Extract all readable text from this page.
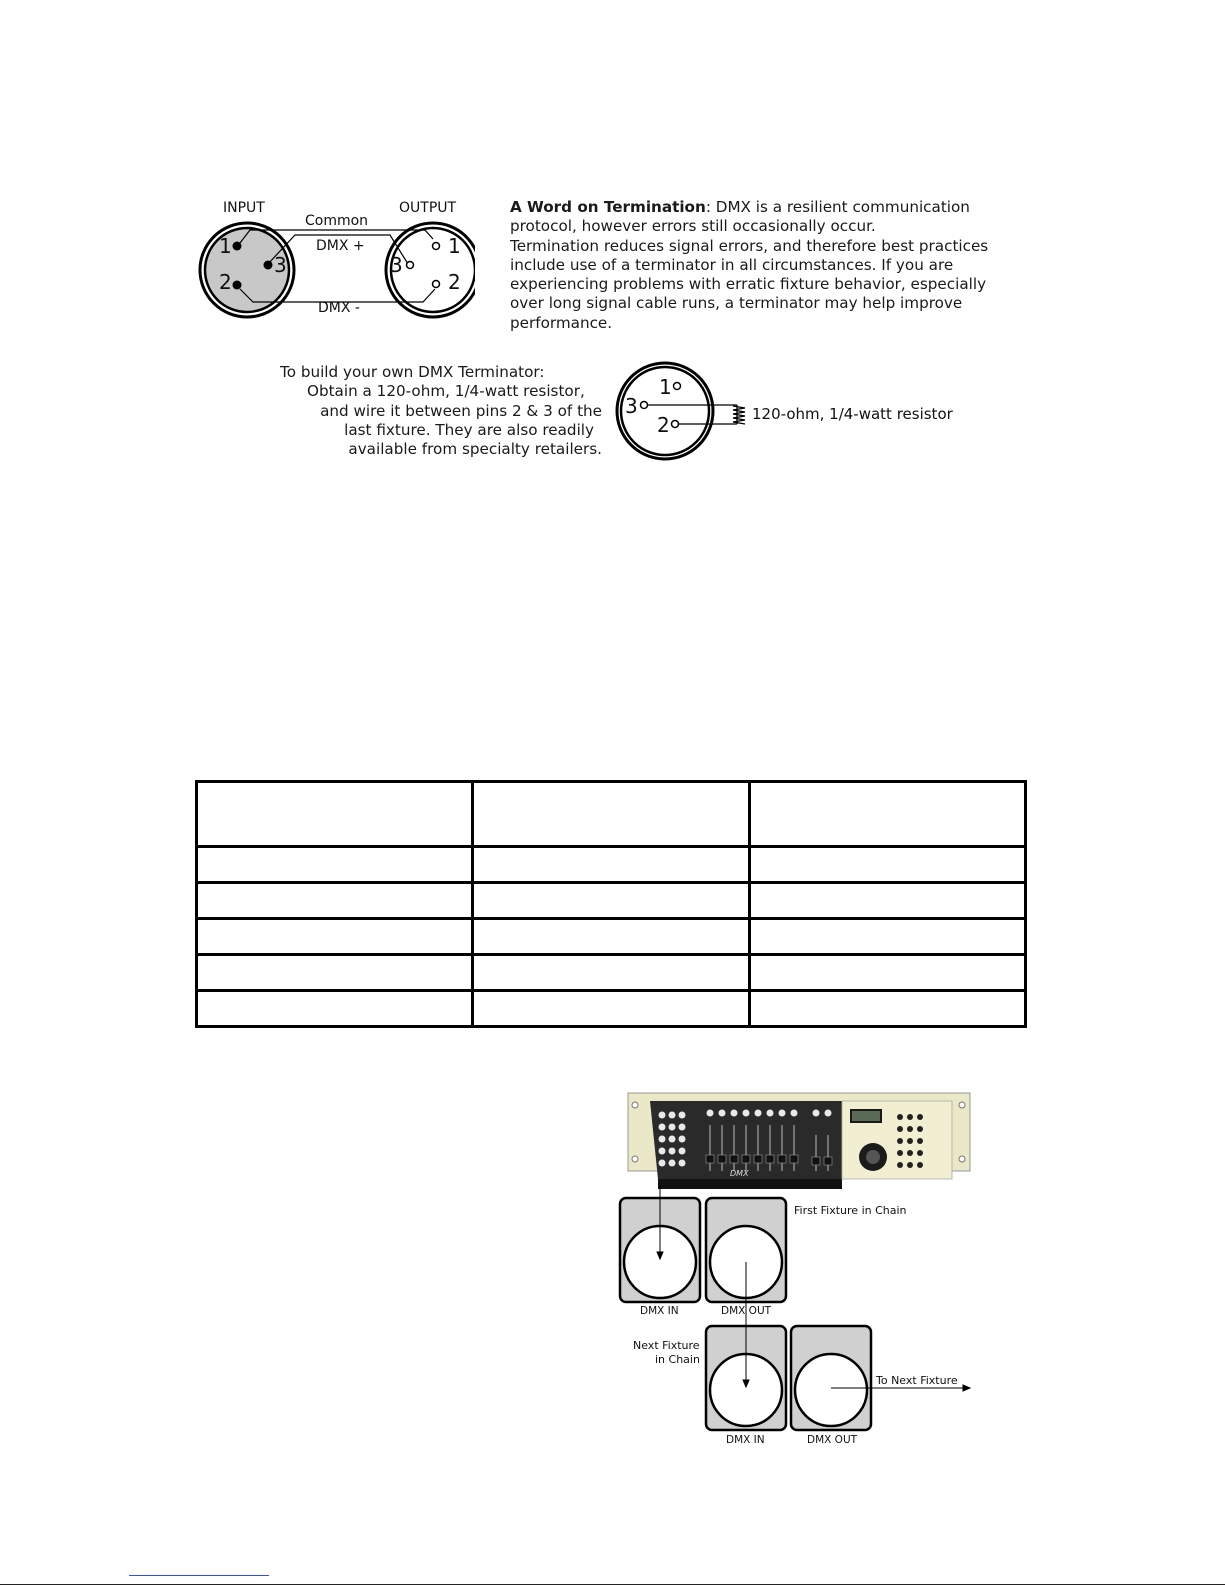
INPUT	OUTPUT
Common
DMX +
DMX -
1
3
2
1
3
2
A Word on Termination: DMX is a resilient communication
protocol, however errors still occasionally occur.
Termination reduces signal errors, and therefore best practices
include use of a terminator in all circumstances. If you are
experiencing problems with erratic fixture behavior, especially
over long signal cable runs, a terminator may help improve
performance.
To build your own DMX Terminator:
Obtain a 120-ohm, 1/4-watt resistor,
and wire it between pins 2 & 3 of the
last fixture. They are also readily
available from specialty retailers.
1
3
2	120-ohm, 1/4-watt resistor

DMX
First Fixture in Chain
DMX IN	DMX OUT
Next Fixture
in Chain
DMX IN	DMX OUT
To Next Fixture
